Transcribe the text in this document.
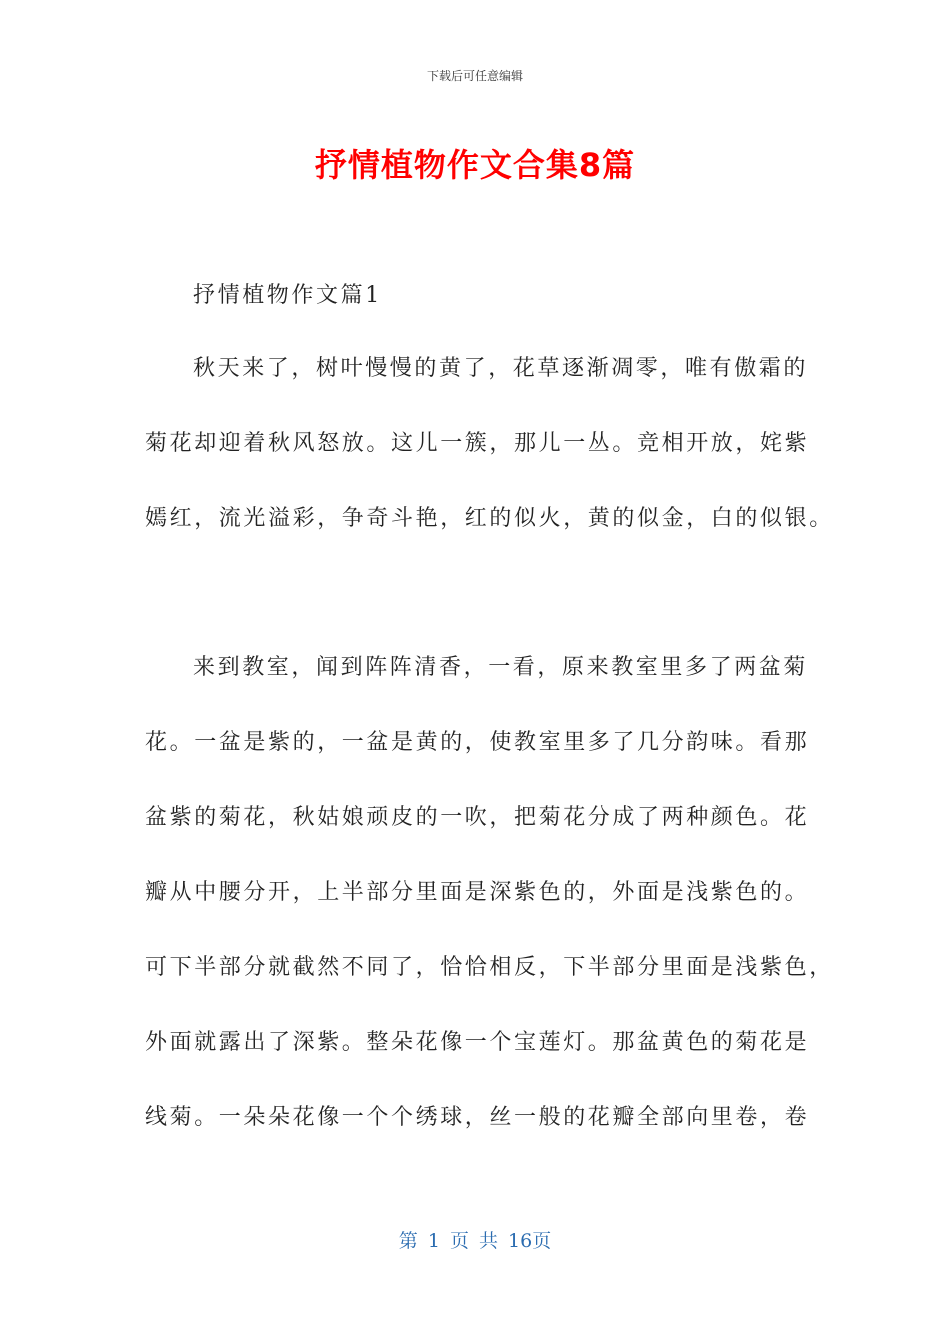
下载后可任意编辑
抒情植物作文合集8篇
抒情植物作文篇1
秋天来了，树叶慢慢的黄了，花草逐渐凋零，唯有傲霜的
菊花却迎着秋风怒放。这儿一簇，那儿一丛。竞相开放，姹紫
嫣红，流光溢彩，争奇斗艳，红的似火，黄的似金，白的似银。
来到教室，闻到阵阵清香，一看，原来教室里多了两盆菊
花。一盆是紫的，一盆是黄的，使教室里多了几分韵味。看那
盆紫的菊花，秋姑娘顽皮的一吹，把菊花分成了两种颜色。花
瓣从中腰分开，上半部分里面是深紫色的，外面是浅紫色的。
可下半部分就截然不同了，恰恰相反，下半部分里面是浅紫色，
外面就露出了深紫。整朵花像一个宝莲灯。那盆黄色的菊花是
线菊。一朵朵花像一个个绣球，丝一般的花瓣全部向里卷，卷
第 1 页 共 16页
